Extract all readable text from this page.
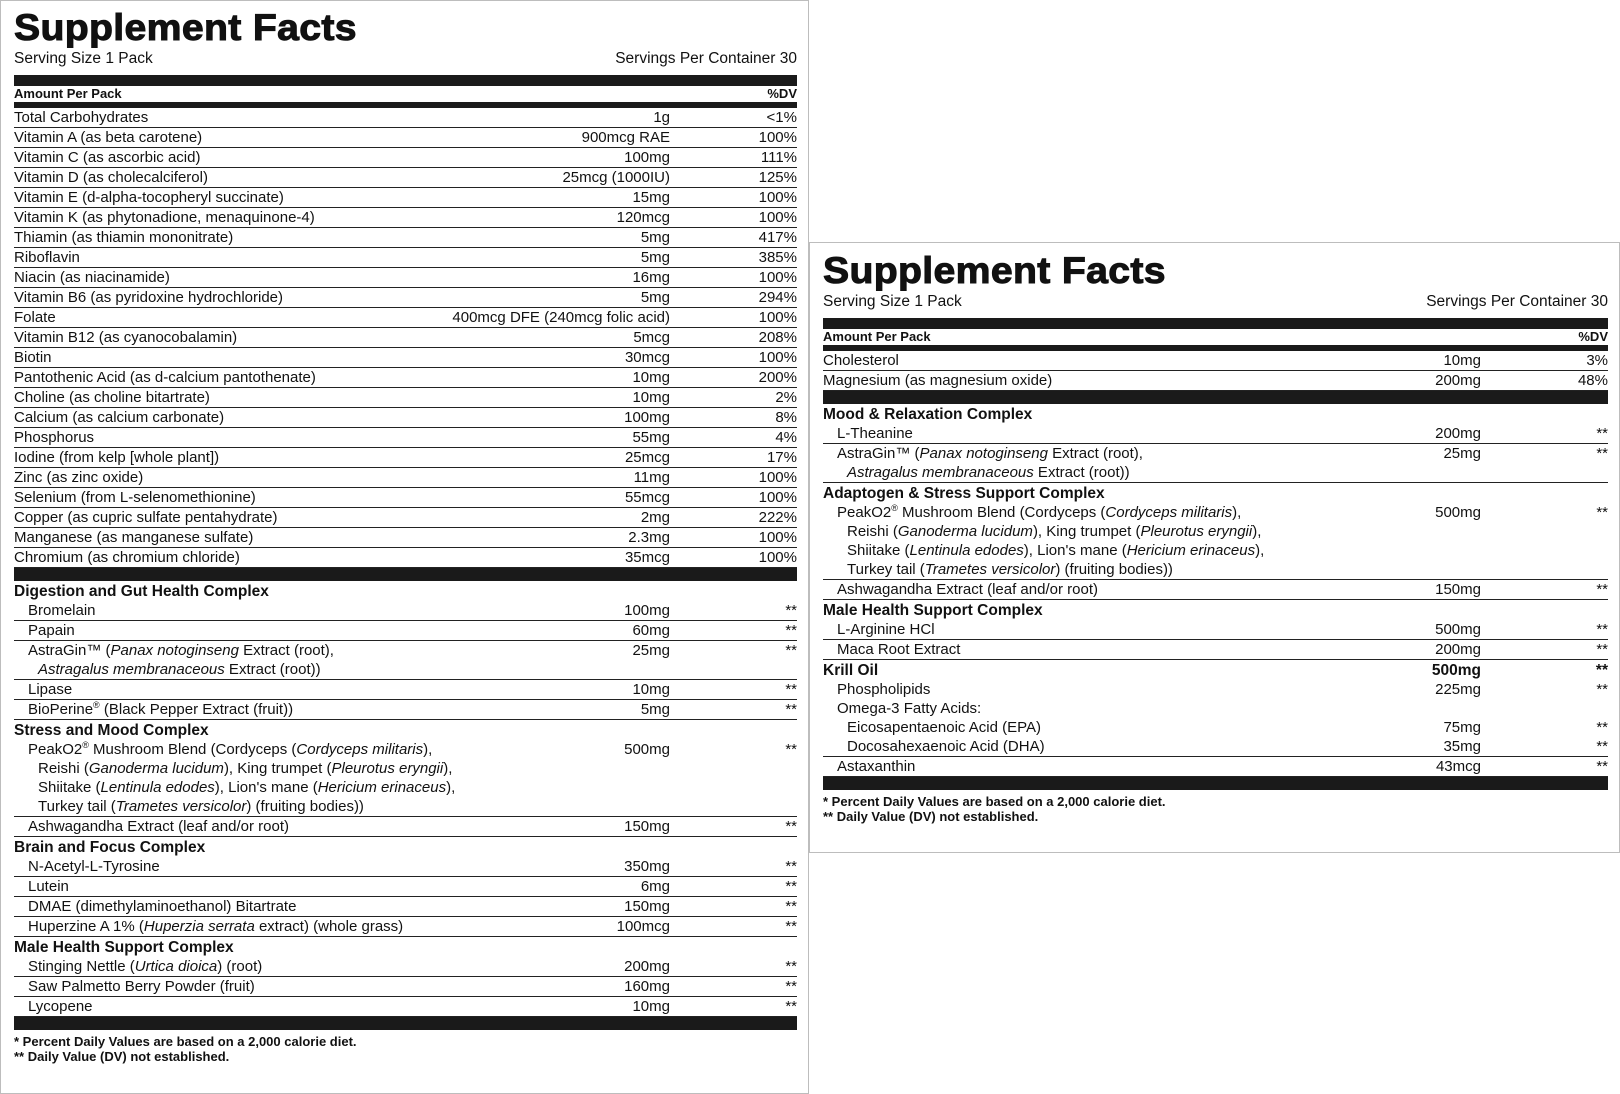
Supplement Facts
Serving Size 1 Pack	Servings Per Container 30
Amount Per Pack	%DV
Total Carbohydrates	1g	<1%
Vitamin A (as beta carotene)	900mcg RAE	100%
Vitamin C (as ascorbic acid)	100mg	111%
Vitamin D (as cholecalciferol)	25mcg (1000IU)	125%
Vitamin E (d-alpha-tocopheryl succinate)	15mg	100%
Vitamin K (as phytonadione, menaquinone-4)	120mcg	100%
Thiamin (as thiamin mononitrate)	5mg	417%
Riboflavin	5mg	385%
Niacin (as niacinamide)	16mg	100%
Vitamin B6 (as pyridoxine hydrochloride)	5mg	294%
Folate	400mcg DFE (240mcg folic acid)	100%
Vitamin B12 (as cyanocobalamin)	5mcg	208%
Biotin	30mcg	100%
Pantothenic Acid (as d-calcium pantothenate)	10mg	200%
Choline (as choline bitartrate)	10mg	2%
Calcium (as calcium carbonate)	100mg	8%
Phosphorus	55mg	4%
Iodine (from kelp [whole plant])	25mcg	17%
Zinc (as zinc oxide)	11mg	100%
Selenium (from L-selenomethionine)	55mcg	100%
Copper (as cupric sulfate pentahydrate)	2mg	222%
Manganese (as manganese sulfate)	2.3mg	100%
Chromium (as chromium chloride)	35mcg	100%
Digestion and Gut Health Complex
Bromelain	100mg	**
Papain	60mg	**
AstraGin™ (Panax notoginseng Extract (root),
Astragalus membranaceous Extract (root))
25mg	**
Lipase	10mg	**
BioPerine® (Black Pepper Extract (fruit))	5mg	**
Stress and Mood Complex
PeakO2® Mushroom Blend (Cordyceps (Cordyceps militaris),
Reishi (Ganoderma lucidum), King trumpet (Pleurotus eryngii),
Shiitake (Lentinula edodes), Lion's mane (Hericium erinaceus),
Turkey tail (Trametes versicolor) (fruiting bodies))
500mg	**
Ashwagandha Extract (leaf and/or root)	150mg	**
Brain and Focus Complex
N-Acetyl-L-Tyrosine	350mg	**
Lutein	6mg	**
DMAE (dimethylaminoethanol) Bitartrate	150mg	**
Huperzine A 1% (Huperzia serrata extract) (whole grass)	100mcg	**
Male Health Support Complex
Stinging Nettle (Urtica dioica) (root)	200mg	**
Saw Palmetto Berry Powder (fruit)	160mg	**
Lycopene	10mg	**
* Percent Daily Values are based on a 2,000 calorie diet.
** Daily Value (DV) not established.
Supplement Facts
Serving Size 1 Pack	Servings Per Container 30
Amount Per Pack	%DV
Cholesterol	10mg	3%
Magnesium (as magnesium oxide)	200mg	48%
Mood & Relaxation Complex
L-Theanine	200mg	**
AstraGin™ (Panax notoginseng Extract (root),
Astragalus membranaceous Extract (root))
25mg	**
Adaptogen & Stress Support Complex
PeakO2® Mushroom Blend (Cordyceps (Cordyceps militaris),
Reishi (Ganoderma lucidum), King trumpet (Pleurotus eryngii),
Shiitake (Lentinula edodes), Lion's mane (Hericium erinaceus),
Turkey tail (Trametes versicolor) (fruiting bodies))
500mg	**
Ashwagandha Extract (leaf and/or root)	150mg	**
Male Health Support Complex
L-Arginine HCl	500mg	**
Maca Root Extract	200mg	**
Krill Oil	500mg	**
Phospholipids	225mg	**
Omega-3 Fatty Acids:
Eicosapentaenoic Acid (EPA)	75mg	**
Docosahexaenoic Acid (DHA)	35mg	**
Astaxanthin	43mcg	**
* Percent Daily Values are based on a 2,000 calorie diet.
** Daily Value (DV) not established.
